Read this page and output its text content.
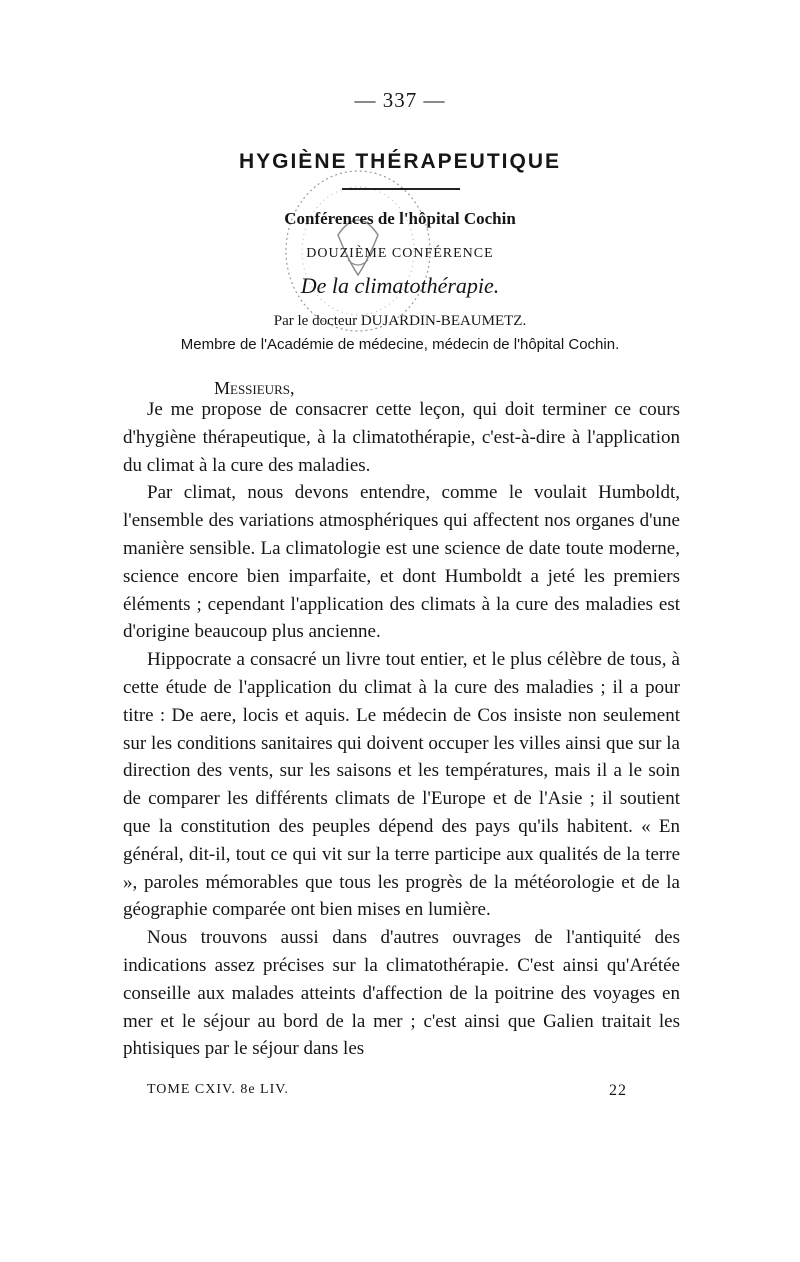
— 337 —
HYGIÈNE THÉRAPEUTIQUE
Conférences de l'hôpital Cochin
DOUZIÈME CONFÉRENCE
De la climatothérapie.
Par le docteur DUJARDIN-BEAUMETZ.
Membre de l'Académie de médecine, médecin de l'hôpital Cochin.
Messieurs,

Je me propose de consacrer cette leçon, qui doit terminer ce cours d'hygiène thérapeutique, à la climatothérapie, c'est-à-dire à l'application du climat à la cure des maladies.

Par climat, nous devons entendre, comme le voulait Humboldt, l'ensemble des variations atmosphériques qui affectent nos organes d'une manière sensible. La climatologie est une science de date toute moderne, science encore bien imparfaite, et dont Humboldt a jeté les premiers éléments ; cependant l'application des climats à la cure des maladies est d'origine beaucoup plus ancienne.

Hippocrate a consacré un livre tout entier, et le plus célèbre de tous, à cette étude de l'application du climat à la cure des maladies ; il a pour titre : De aere, locis et aquis. Le médecin de Cos insiste non seulement sur les conditions sanitaires qui doivent occuper les villes ainsi que sur la direction des vents, sur les saisons et les températures, mais il a le soin de comparer les différents climats de l'Europe et de l'Asie ; il soutient que la constitution des peuples dépend des pays qu'ils habitent. « En général, dit-il, tout ce qui vit sur la terre participe aux qualités de la terre », paroles mémorables que tous les progrès de la météorologie et de la géographie comparée ont bien mises en lumière.

Nous trouvons aussi dans d'autres ouvrages de l'antiquité des indications assez précises sur la climatothérapie. C'est ainsi qu'Arétée conseille aux malades atteints d'affection de la poitrine des voyages en mer et le séjour au bord de la mer ; c'est ainsi que Galien traitait les phtisiques par le séjour dans les

TOME CXIV. 8e LIV.	22
